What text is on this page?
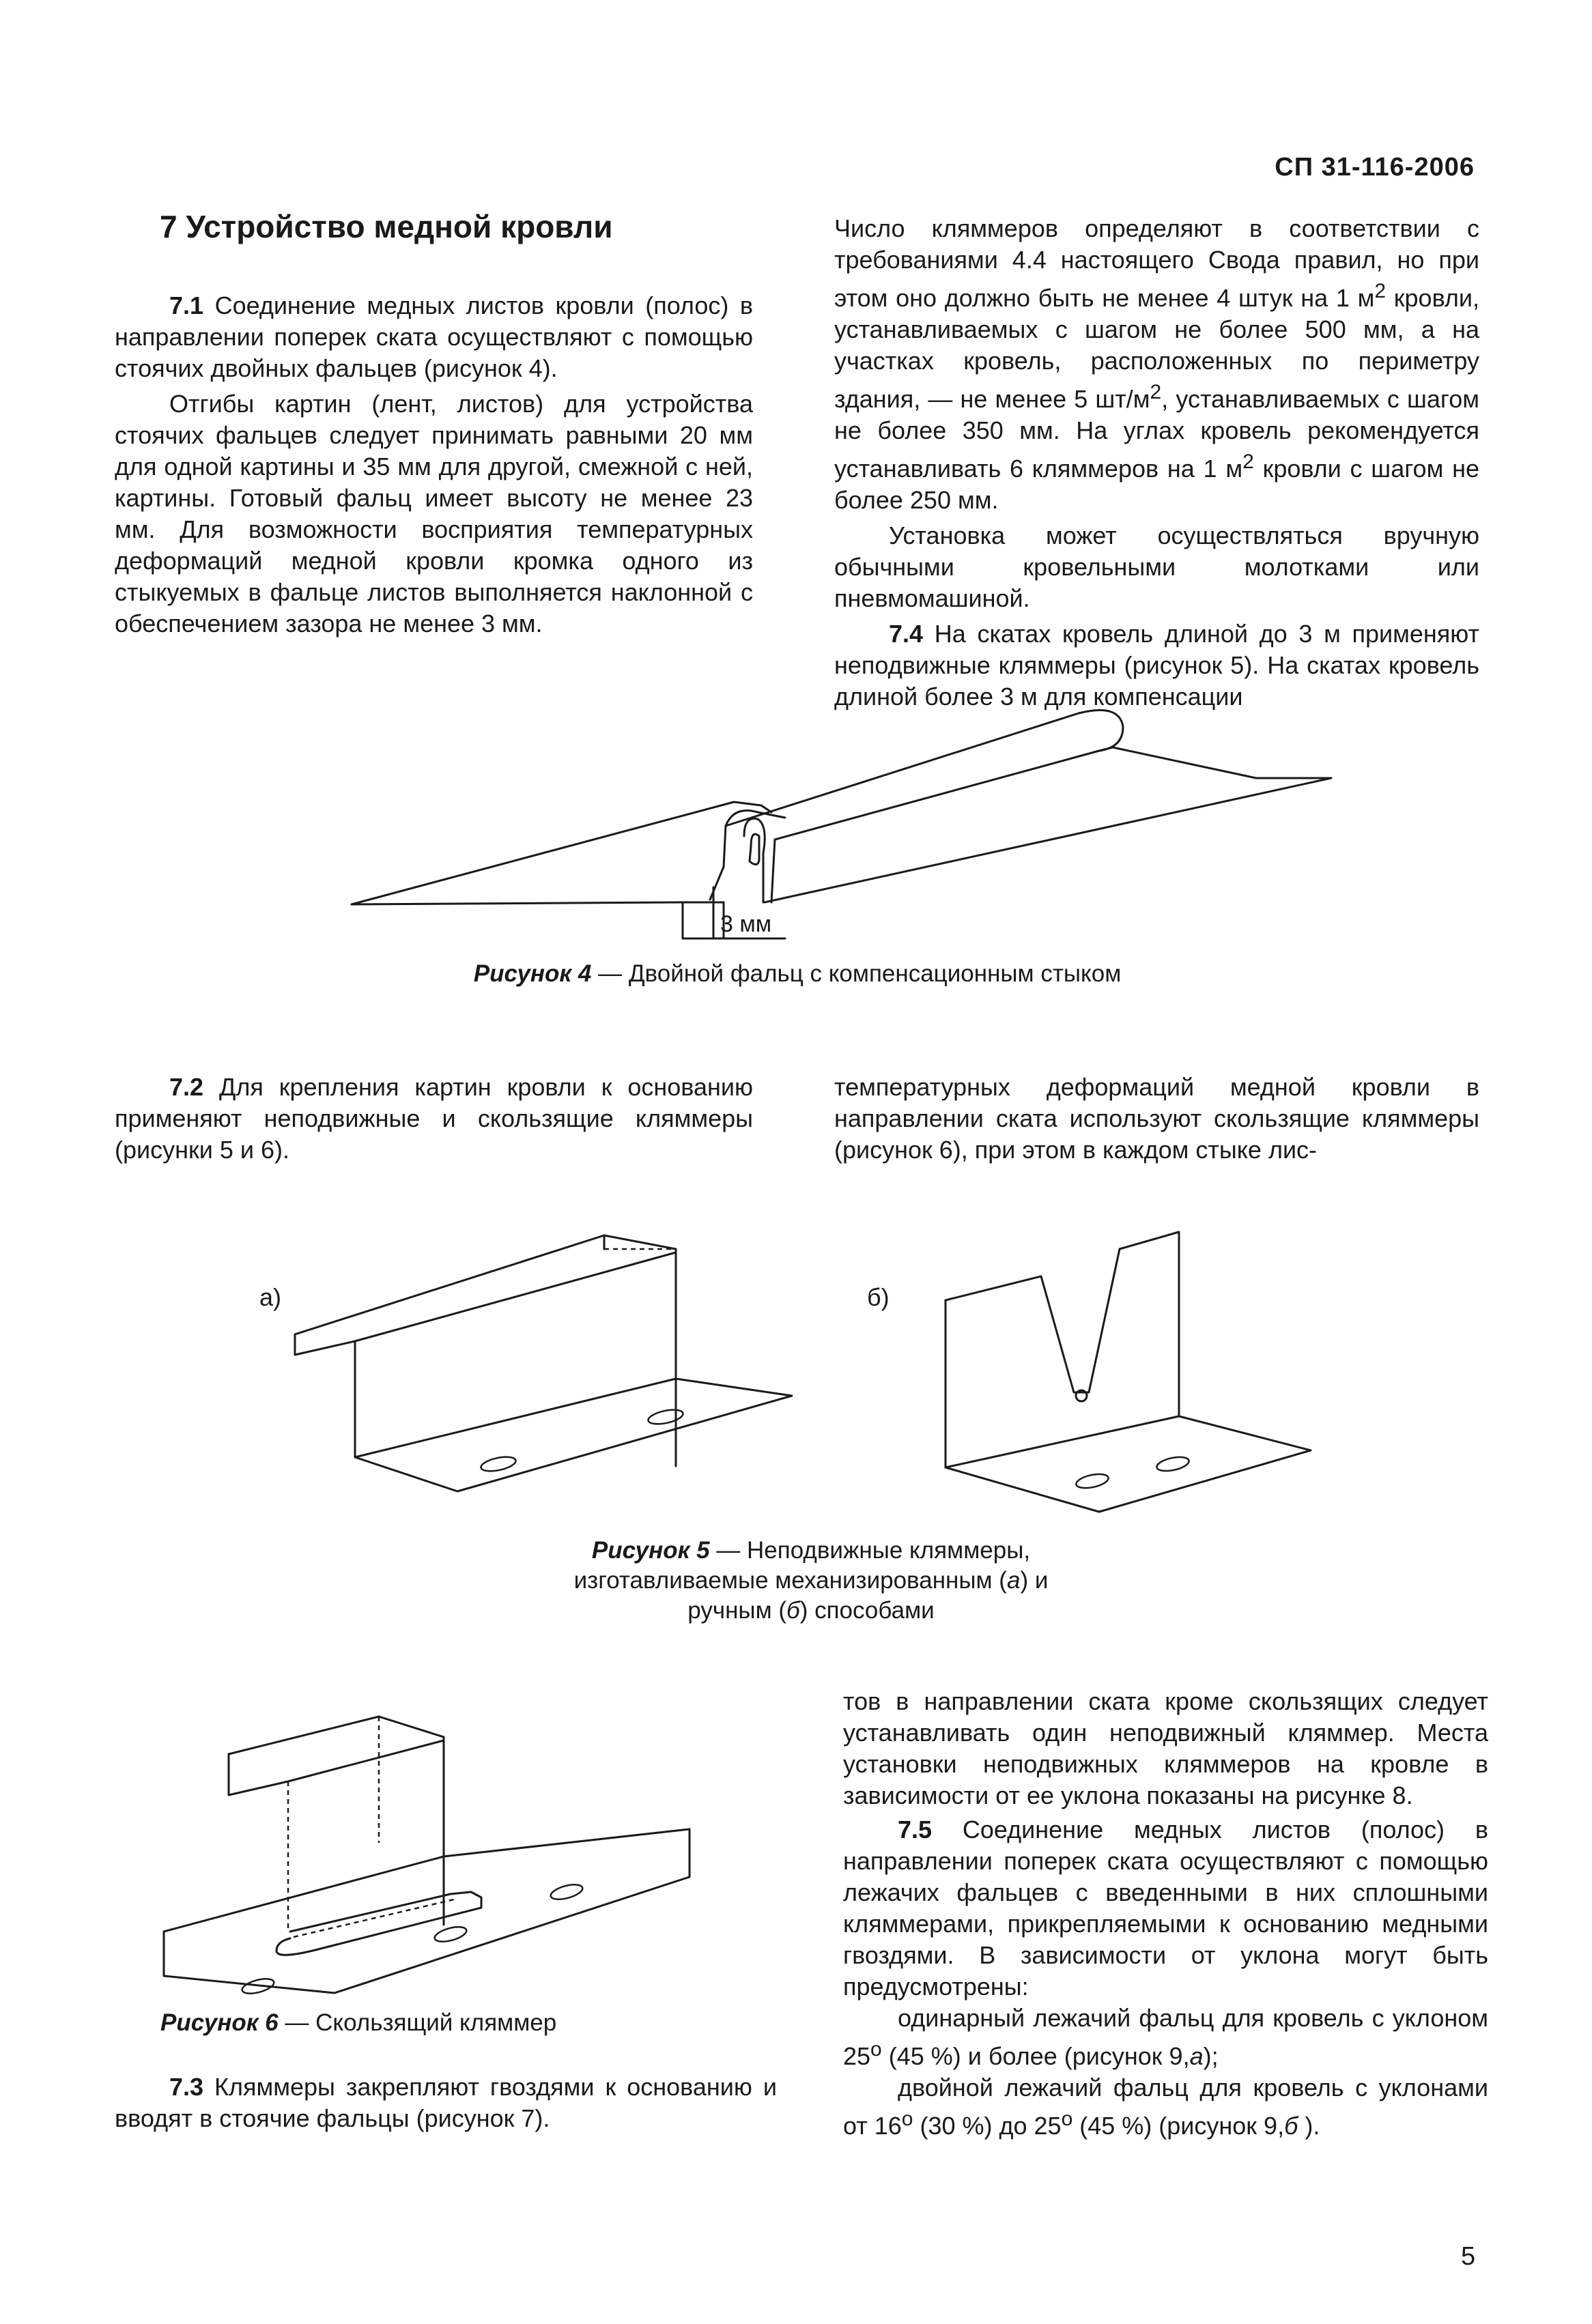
СП 31-116-2006
7 Устройство медной кровли

7.1 Соединение медных листов кровли (полос) в направлении поперек ската осуществляют с помощью стоячих двойных фальцев (рисунок 4).

Отгибы картин (лент, листов) для устройства стоячих фальцев следует принимать равными 20 мм для одной картины и 35 мм для другой, смежной с ней, картины. Готовый фальц имеет высоту не менее 23 мм. Для возможности восприятия температурных деформаций медной кровли кромка одного из стыкуемых в фальце листов выполняется наклонной с обеспечением зазора не менее 3 мм.

Число кляммеров определяют в соответствии с требованиями 4.4 настоящего Свода правил, но при этом оно должно быть не менее 4 штук на 1 $м^2$ кровли, устанавливаемых с шагом не более 500 мм, а на участках кровель, расположенных по периметру здания, — не менее 5 $шт/м^2$, устанавливаемых с шагом не более 350 мм. На углах кровель рекомендуется устанавливать 6 кляммеров на 1 $м^2$ кровли с шагом не более 250 мм.

Установка может осуществляться вручную обычными кровельными молотками или пневмомашиной.

7.4 На скатах кровель длиной до 3 м применяют неподвижные кляммеры (рисунок 5). На скатах кровель длиной более 3 м для компенсации

3 мм
Рисунок 4 — Двойной фальц с компенсационным стыком

7.2 Для крепления картин кровли к основанию применяют неподвижные и скользящие кляммеры (рисунки 5 и 6).

температурных деформаций медной кровли в направлении ската используют скользящие кляммеры (рисунок 6), при этом в каждом стыке лис-

а)	б)
Рисунок 5 — Неподвижные кляммеры,
изготавливаемые механизированным (а) и
ручным (б) способами
Рисунок 6 — Скользящий кляммер

7.3 Кляммеры закрепляют гвоздями к основанию и вводят в стоячие фальцы (рисунок 7).

тов в направлении ската кроме скользящих следует устанавливать один неподвижный кляммер. Места установки неподвижных кляммеров на кровле в зависимости от ее уклона показаны на рисунке 8.

7.5 Соединение медных листов (полос) в направлении поперек ската осуществляют с помощью лежачих фальцев с введенными в них сплошными кляммерами, прикрепляемыми к основанию медными гвоздями. В зависимости от уклона могут быть предусмотрены:

одинарный лежачий фальц для кровель с уклоном $25^о$ (45 %) и более (рисунок 9,а);

двойной лежачий фальц для кровель с уклонами от $16^о$ (30 %) до $25^о$ (45 %) (рисунок 9,б ).

5
